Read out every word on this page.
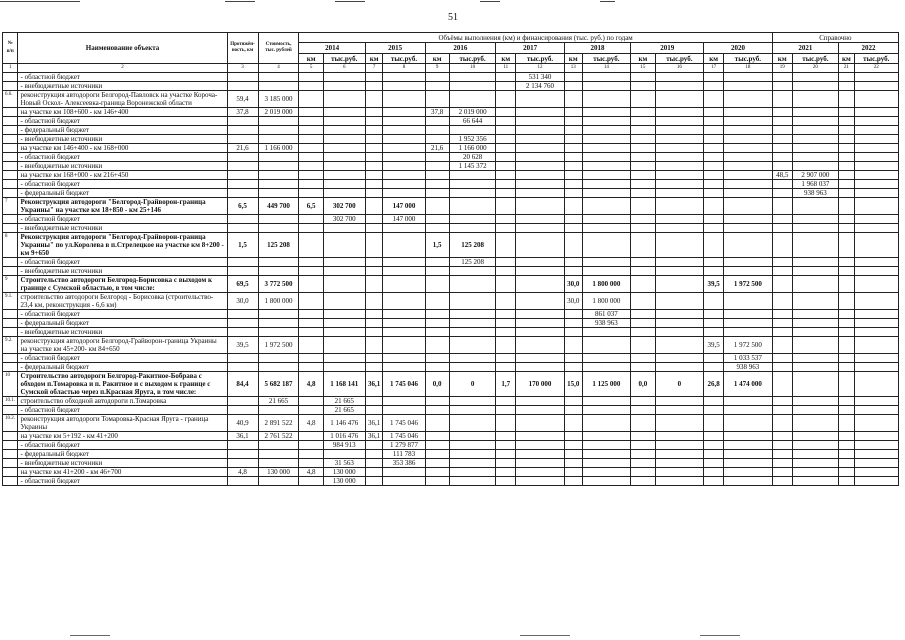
51
№ п/п	Наименование объекта	Протяжён-ность, км	Стоимость, тыс. рублей	Объёмы выполнения (км) и финансирования (тыс. руб.) по годам														Справочно			
				2014		2015		2016		2017		2018		2019		2020		2021		2022	
				км	тыс.руб.	км	тыс.руб.	км	тыс.руб.	км	тыс.руб.	км	тыс.руб.	км	тыс.руб.	км	тыс.руб.	км	тыс.руб.	км	тыс.руб.
1	2	3	4	5	6	7	8	9	10	11	12	13	14	15	16	17	18	19	20	21	22
	- областной бюджет										531 340										
	- внебюджетные источники										2 134 760										
6.6.	реконструкция автодороги Белгород-Павловск на участке Короча-Новый Оскол- Алексеевка-граница Воронежской области	59,4	3 185 000																		
	на участке км 108+600 - км 146+400	37,8	2 019 000					37,8	2 019 000												
	- областной бюджет								66 644												
	- федеральный бюджет																				
	- внебюджетные источники								1 952 356												
	на участке км 146+400 - км 168+000	21,6	1 166 000					21,6	1 166 000												
	- областной бюджет								20 628												
	- внебюджетные источники								1 145 372												
	на участке км 168+000 - км 216+450																	48,5	2 907 000		
	- областной бюджет																		1 968 037		
	- федеральный бюджет																		938 963		
7	Реконструкция автодороги "Белгород-Грайворон-граница Украины" на участке км 18+850 - км 25+146	6,5	449 700	6,5	302 700		147 000														
	- областной бюджет				302 700		147 000														
	- внебюджетные источники																				
8	Реконструкция автодороги "Белгород-Грайворон-граница Украины" по ул.Королева в п.Стрелецкое на участке км 8+200 - км 9+650	1,5	125 208					1,5	125 208												
	- областной бюджет								125 208												
	- внебюджетные источники																				
9	Строительство автодороги Белгород-Борисовка с выходом к границе с Сумской областью, в том числе:	69,5	3 772 500									30,0	1 800 000			39,5	1 972 500				
9.1.	строительство автодороги Белгород - Борисовка (строительство- 23,4 км, реконструкция - 6,6 км)	30,0	1 800 000									30,0	1 800 000								
	- областной бюджет												861 037								
	- федеральный бюджет												938 963								
	- внебюджетные источники																				
9.2.	реконструкция автодороги Белгород-Грайворон-граница Украины на участке км 45+200- км 84+650	39,5	1 972 500													39,5	1 972 500				
	- областной бюджет																1 033 537				
	- федеральный бюджет																938 963				
10	Строительство автодороги Белгород-Ракитное-Бобрава с обходом п.Томаровка и п. Ракитное и с выходом к границе с Сумской областью через п.Красная Яруга, в том числе:	84,4	5 682 187	4,8	1 168 141	36,1	1 745 046	0,0	0	1,7	170 000	15,0	1 125 000	0,0	0	26,8	1 474 000				
10.1.	строительство обходной автодороги п.Томаровка		21 665		21 665																
	- областной бюджет				21 665																
10.2.	реконструкция автодороги Томаровка-Красная Яруга - граница Украины	40,9	2 891 522	4,8	1 146 476	36,1	1 745 046														
	на участке км 5+192 - км 41+200	36,1	2 761 522		1 016 476	36,1	1 745 046														
	- областной бюджет				984 913		1 279 877														
	- федеральный бюджет						111 783														
	- внебюджетные источники				31 563		353 386														
	на участке км 41+200 - км 46+700	4,8	130 000	4,8	130 000																
	- областной бюджет				130 000																
